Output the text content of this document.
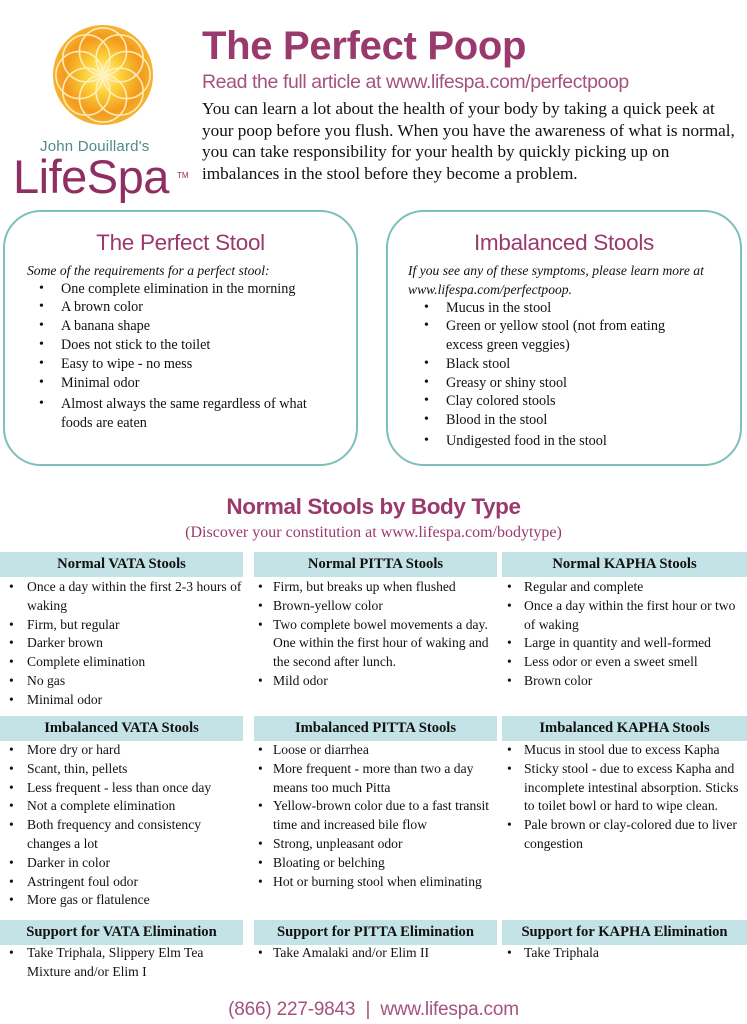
John Douillard's
LifeSpa TM
The Perfect Poop
Read the full article at www.lifespa.com/perfectpoop

You can learn a lot about the health of your body by taking a quick peek at your poop before you flush. When you have the awareness of what is normal, you can take responsibility for your health by quickly picking up on imbalances in the stool before they become a problem.

The Perfect Stool
Some of the requirements for a perfect stool:
• One complete elimination in the morning
• A brown color
• A banana shape
• Does not stick to the toilet
• Easy to wipe - no mess
• Minimal odor
• Almost always the same regardless of what foods are eaten
Imbalanced Stools
If you see any of these symptoms, please learn more at www.lifespa.com/perfectpoop.
• Mucus in the stool
• Green or yellow stool (not from eating excess green veggies)
• Black stool
• Greasy or shiny stool
• Clay colored stools
• Blood in the stool
• Undigested food in the stool
Normal Stools by Body Type
(Discover your constitution at www.lifespa.com/bodytype)
Normal VATA Stools
• Once a day within the first 2-3 hours of waking
• Firm, but regular
• Darker brown
• Complete elimination
• No gas
• Minimal odor
Imbalanced VATA Stools
• More dry or hard
• Scant, thin, pellets
• Less frequent - less than once day
• Not a complete elimination
• Both frequency and consistency changes a lot
• Darker in color
• Astringent foul odor
• More gas or flatulence
Support for VATA Elimination
• Take Triphala, Slippery Elm Tea Mixture and/or Elim I
Normal PITTA Stools
• Firm, but breaks up when flushed
• Brown-yellow color
• Two complete bowel movements a day. One within the first hour of waking and the second after lunch.
• Mild odor
Imbalanced PITTA Stools
• Loose or diarrhea
• More frequent - more than two a day means too much Pitta
• Yellow-brown color due to a fast transit time and increased bile flow
• Strong, unpleasant odor
• Bloating or belching
• Hot or burning stool when eliminating
Support for PITTA Elimination
• Take Amalaki and/or Elim II
Normal KAPHA Stools
• Regular and complete
• Once a day within the first hour or two of waking
• Large in quantity and well-formed
• Less odor or even a sweet smell
• Brown color
Imbalanced KAPHA Stools
• Mucus in stool due to excess Kapha
• Sticky stool - due to excess Kapha and incomplete intestinal absorption. Sticks to toilet bowl or hard to wipe clean.
• Pale brown or clay-colored due to liver congestion
Support for KAPHA Elimination
• Take Triphala
(866) 227-9843  |  www.lifespa.com
